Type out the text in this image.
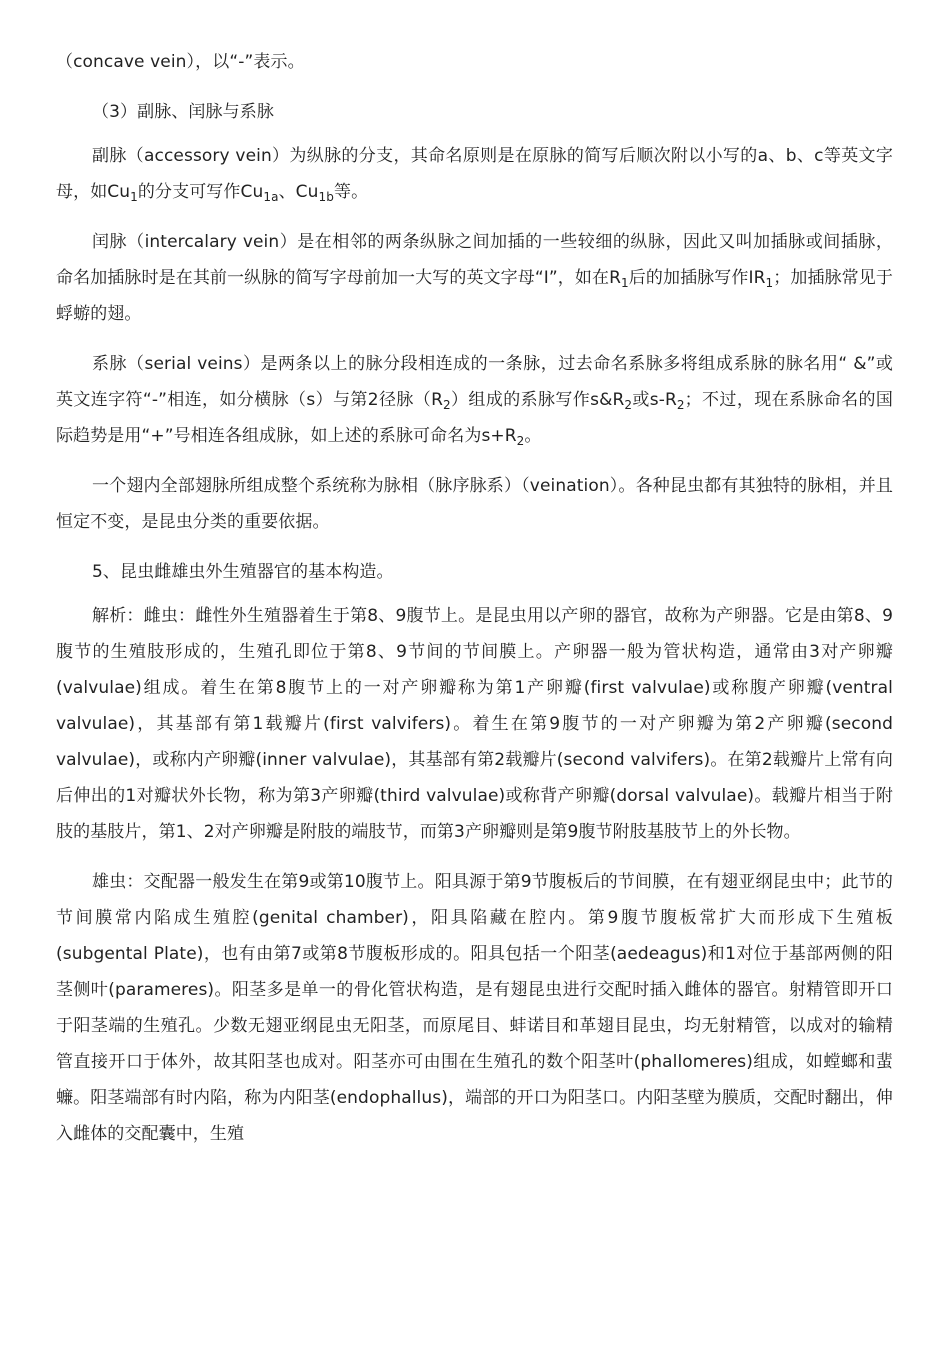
（concave vein），以“-”表示。

（3）副脉、闰脉与系脉

副脉（accessory vein）为纵脉的分支，其命名原则是在原脉的简写后顺次附以小写的a、b、c等英文字母，如$Cu_1$的分支可写作$Cu_{1a}$、$Cu_{1b}$等。

闰脉（intercalary vein）是在相邻的两条纵脉之间加插的一些较细的纵脉，因此又叫加插脉或间插脉，命名加插脉时是在其前一纵脉的简写字母前加一大写的英文字母“I”，如在$R_1$后的加插脉写作$IR_1$；加插脉常见于蜉蝣的翅。

系脉（serial veins）是两条以上的脉分段相连成的一条脉，过去命名系脉多将组成系脉的脉名用“ &”或英文连字符“-”相连，如分横脉（s）与第2径脉$(R_2)$组成的系脉写作$s\&R_2$或$s-R_2$；不过，现在系脉命名的国际趋势是用“+”号相连各组成脉，如上述的系脉可命名为$s+R_2$。

一个翅内全部翅脉所组成整个系统称为脉相（脉序脉系）（veination）。各种昆虫都有其独特的脉相，并且恒定不变，是昆虫分类的重要依据。

5、昆虫雌雄虫外生殖器官的基本构造。

解析：雌虫：雌性外生殖器着生于第8、9腹节上。是昆虫用以产卵的器官，故称为产卵器。它是由第8、9腹节的生殖肢形成的，生殖孔即位于第8、9节间的节间膜上。产卵器一般为管状构造，通常由3对产卵瓣(valvulae)组成。着生在第8腹节上的一对产卵瓣称为第1产卵瓣(first valvulae)或称腹产卵瓣(ventral valvulae)，其基部有第1载瓣片(first valvifers)。着生在第9腹节的一对产卵瓣为第2产卵瓣(second valvulae)，或称内产卵瓣(inner valvulae)，其基部有第2载瓣片(second valvifers)。在第2载瓣片上常有向后伸出的1对瓣状外长物，称为第3产卵瓣(third valvulae)或称背产卵瓣(dorsal valvulae)。载瓣片相当于附肢的基肢片，第1、2对产卵瓣是附肢的端肢节，而第3产卵瓣则是第9腹节附肢基肢节上的外长物。

雄虫：交配器一般发生在第9或第10腹节上。阳具源于第9节腹板后的节间膜，在有翅亚纲昆虫中；此节的节间膜常内陷成生殖腔(genital chamber)，阳具陷藏在腔内。第9腹节腹板常扩大而形成下生殖板(subgental Plate)，也有由第7或第8节腹板形成的。阳具包括一个阳茎(aedeagus)和1对位于基部两侧的阳茎侧叶(parameres)。阳茎多是单一的骨化管状构造，是有翅昆虫进行交配时插入雌体的器官。射精管即开口于阳茎端的生殖孔。少数无翅亚纲昆虫无阳茎，而原尾目、蚌诺目和革翅目昆虫，均无射精管，以成对的输精管直接开口于体外，故其阳茎也成对。阳茎亦可由围在生殖孔的数个阳茎叶(phallomeres)组成，如螳螂和蜚蠊。阳茎端部有时内陷，称为内阳茎(endophallus)，端部的开口为阳茎口。内阳茎壁为膜质，交配时翻出，伸入雌体的交配囊中，生殖
